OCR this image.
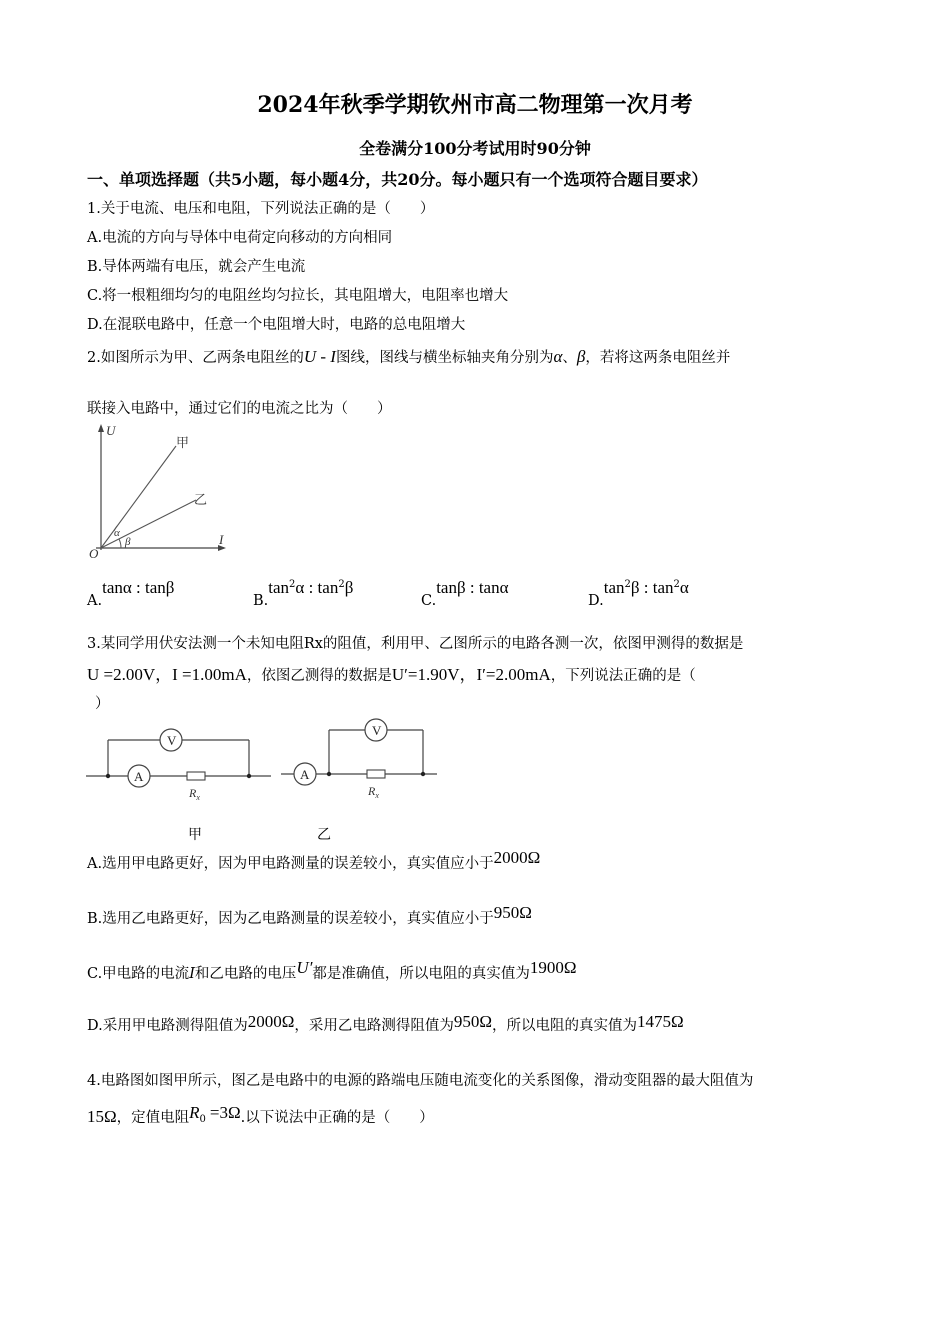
2024年秋季学期钦州市高二物理第一次月考
全卷满分100分考试用时90分钟
一、单项选择题（共5小题，每小题4分，共20分。每小题只有一个选项符合题目要求）
1.关于电流、电压和电阻，下列说法正确的是（　　）
A.电流的方向与导体中电荷定向移动的方向相同
B.导体两端有电压，就会产生电流
C.将一根粗细均匀的电阻丝均匀拉长，其电阻增大，电阻率也增大
D.在混联电路中，任意一个电阻增大时，电路的总电阻增大
2.如图所示为甲、乙两条电阻丝的U - I图线，图线与横坐标轴夹角分别为α、β，若将这两条电阻丝并
联接入电路中，通过它们的电流之比为（　　）
U
I
O
甲
乙
α
β
A.tanα : tanβ
$B.\tan^2\alpha$ : $\tan^2\beta$
C.tanβ : tanα
$D.\tan^2\beta$ : $\tan^2\alpha$
3.某同学用伏安法测一个未知电阻Rx的阻值，利用甲、乙图所示的电路各测一次，依图甲测得的数据是
U =2.00V，I =1.00mA，依图乙测得的数据是U′=1.90V，I′=2.00mA，下列说法正确的是（
）
V
A
$R_x$
V
A
$R_x$
甲	乙
A.选用甲电路更好，因为甲电路测量的误差较小，真实值应小于2000Ω
B.选用乙电路更好，因为乙电路测量的误差较小，真实值应小于950Ω
C.甲电路的电流I和乙电路的电压U′都是准确值，所以电阻的真实值为1900Ω
D.采用甲电路测得阻值为2000Ω，采用乙电路测得阻值为950Ω，所以电阻的真实值为1475Ω
4.电路图如图甲所示，图乙是电路中的电源的路端电压随电流变化的关系图像，滑动变阻器的最大阻值为
15Ω，定值电阻$R_0 =3\Omega$.以下说法中正确的是（　　）
